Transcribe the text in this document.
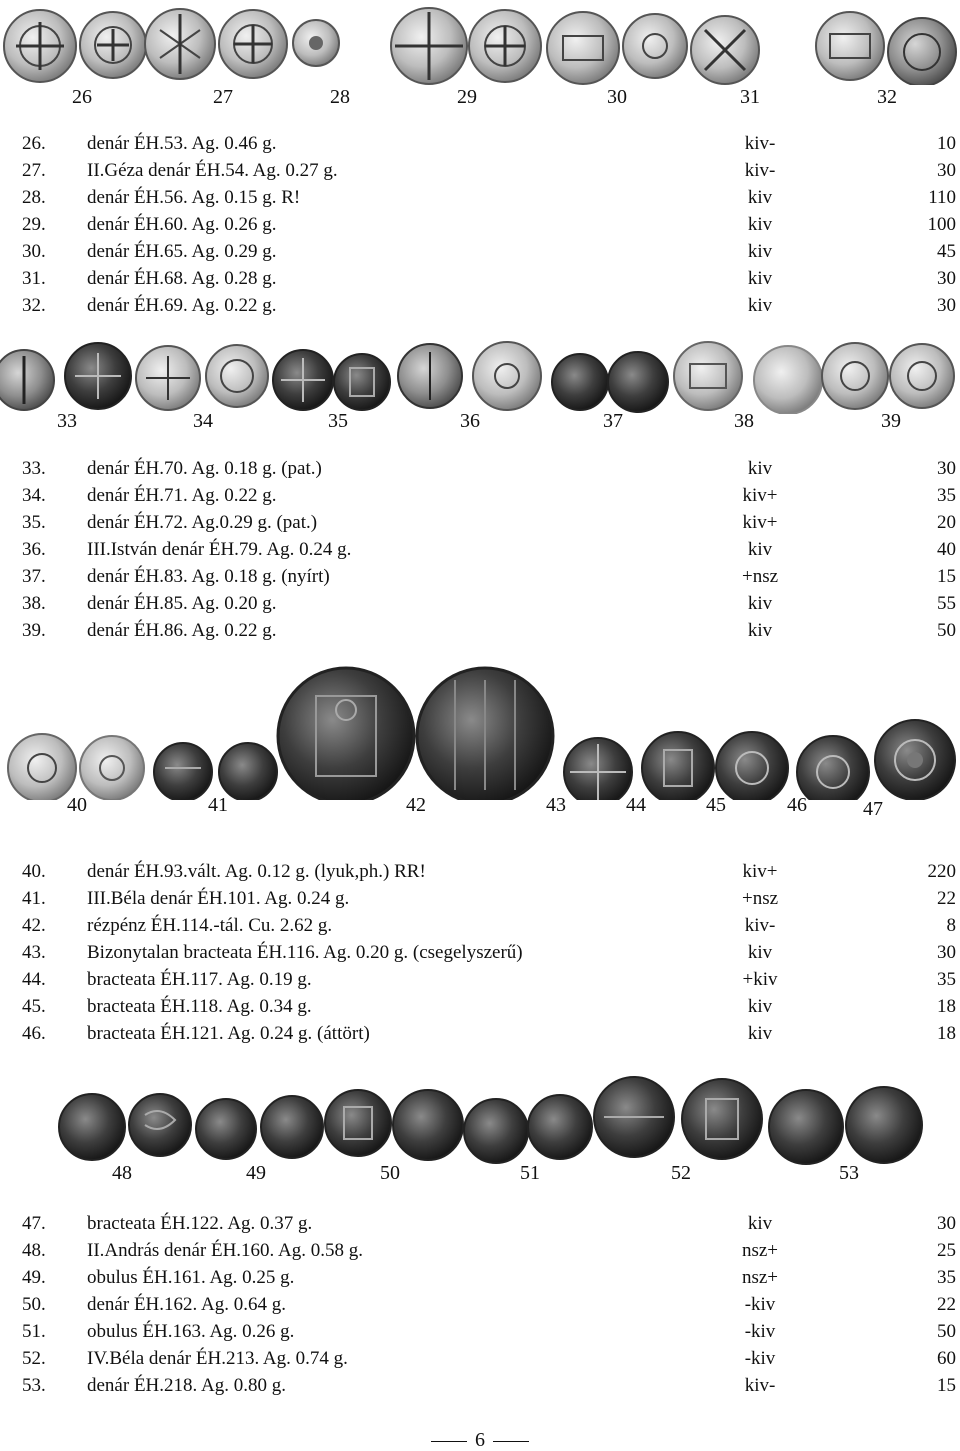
26	27	28	29	30	31	32
26. denár ÉH.53. Ag. 0.46 g.	kiv-	10
27. II.Géza denár ÉH.54. Ag. 0.27 g.	kiv-	30
28. denár ÉH.56. Ag. 0.15 g. R!	kiv	110
29. denár ÉH.60. Ag. 0.26 g.	kiv	100
30. denár ÉH.65. Ag. 0.29 g.	kiv	45
31. denár ÉH.68. Ag. 0.28 g.	kiv	30
32. denár ÉH.69. Ag. 0.22 g.	kiv	30
33	34	35	36	37	38	39
33. denár ÉH.70. Ag. 0.18 g. (pat.)	kiv	30
34. denár ÉH.71. Ag. 0.22 g.	kiv+	35
35. denár ÉH.72. Ag.0.29 g. (pat.)	kiv+	20
36. III.István denár ÉH.79. Ag. 0.24 g.	kiv	40
37. denár ÉH.83. Ag. 0.18 g. (nyírt)	+nsz	15
38. denár ÉH.85. Ag. 0.20 g.	kiv	55
39. denár ÉH.86. Ag. 0.22 g.	kiv	50
40	41	42	43	44	45	46	47
40. denár ÉH.93.vált. Ag. 0.12 g. (lyuk,ph.) RR!	kiv+	220
41. III.Béla denár ÉH.101. Ag. 0.24 g.	+nsz	22
42. rézpénz ÉH.114.-tál. Cu. 2.62 g.	kiv-	8
43. Bizonytalan bracteata ÉH.116. Ag. 0.20 g. (csegelyszerű)	kiv	30
44. bracteata ÉH.117. Ag. 0.19 g.	+kiv	35
45. bracteata ÉH.118. Ag. 0.34 g.	kiv	18
46. bracteata ÉH.121. Ag. 0.24 g. (áttört)	kiv	18
48	49	50	51	52	53
47. bracteata ÉH.122. Ag. 0.37 g.	kiv	30
48. II.András denár ÉH.160. Ag. 0.58 g.	nsz+	25
49. obulus ÉH.161. Ag. 0.25 g.	nsz+	35
50. denár ÉH.162. Ag. 0.64 g.	-kiv	22
51. obulus ÉH.163. Ag. 0.26 g.	-kiv	50
52. IV.Béla denár ÉH.213. Ag. 0.74 g.	-kiv	60
53. denár ÉH.218. Ag. 0.80 g.	kiv-	15
6
